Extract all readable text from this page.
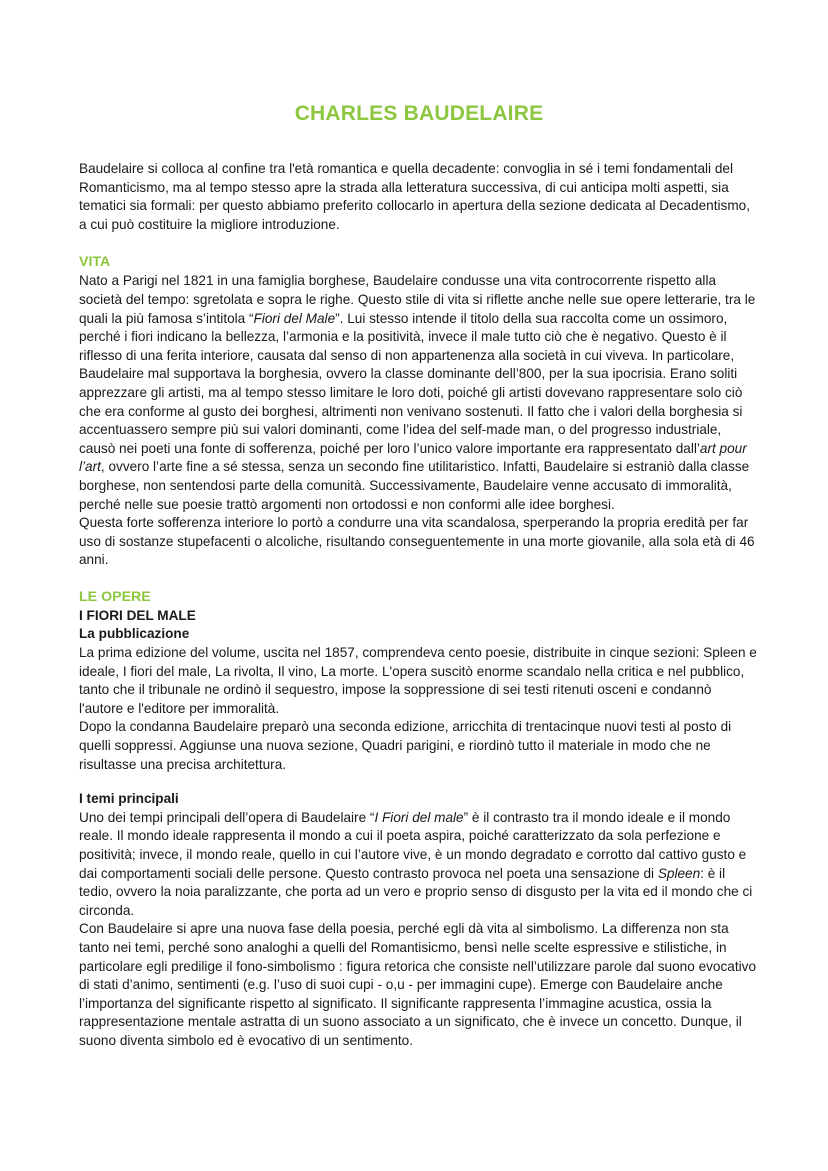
CHARLES BAUDELAIRE

Baudelaire si colloca al confine tra l'età romantica e quella decadente: convoglia in sé i temi fondamentali del Romanticismo, ma al tempo stesso apre la strada alla letteratura successiva, di cui anticipa molti aspetti, sia tematici sia formali: per questo abbiamo preferito collocarlo in apertura della sezione dedicata al Decadentismo, a cui può costituire la migliore introduzione.

VITA

Nato a Parigi nel 1821 in una famiglia borghese, Baudelaire condusse una vita controcorrente rispetto alla società del tempo: sgretolata e sopra le righe. Questo stile di vita si riflette anche nelle sue opere letterarie, tra le quali la più famosa s’intitola “Fiori del Male”. Lui stesso intende il titolo della sua raccolta come un ossimoro, perché i fiori indicano la bellezza, l’armonia e la positività, invece il male tutto ciò che è negativo. Questo è il riflesso di una ferita interiore, causata dal senso di non appartenenza alla società in cui viveva. In particolare, Baudelaire mal supportava la borghesia, ovvero la classe dominante dell’800, per la sua ipocrisia. Erano soliti apprezzare gli artisti, ma al tempo stesso limitare le loro doti, poiché gli artisti dovevano rappresentare solo ciò che era conforme al gusto dei borghesi, altrimenti non venivano sostenuti. Il fatto che i valori della borghesia si accentuassero sempre più sui valori dominanti, come l’idea del self-made man, o del progresso industriale, causò nei poeti una fonte di sofferenza, poiché per loro l’unico valore importante era rappresentato dall’art pour l’art, ovvero l’arte fine a sé stessa, senza un secondo fine utilitaristico. Infatti, Baudelaire si estraniò dalla classe borghese, non sentendosi parte della comunità. Successivamente, Baudelaire venne accusato di immoralità, perché nelle sue poesie trattò argomenti non ortodossi e non conformi alle idee borghesi.

Questa forte sofferenza interiore lo portò a condurre una vita scandalosa, sperperando la propria eredità per far uso di sostanze stupefacenti o alcoliche, risultando conseguentemente in una morte giovanile, alla sola età di 46 anni.

LE OPERE
I FIORI DEL MALE
La pubblicazione

La prima edizione del volume, uscita nel 1857, comprendeva cento poesie, distribuite in cinque sezioni: Spleen e ideale, I fiori del male, La rivolta, Il vino, La morte. L'opera suscitò enorme scandalo nella critica e nel pubblico, tanto che il tribunale ne ordinò il sequestro, impose la soppressione di sei testi ritenuti osceni e condannò l'autore e l'editore per immoralità.

Dopo la condanna Baudelaire preparò una seconda edizione, arricchita di trentacinque nuovi testi al posto di quelli soppressi. Aggiunse una nuova sezione, Quadri parigini, e riordinò tutto il materiale in modo che ne risultasse una precisa architettura.

I temi principali

Uno dei tempi principali dell’opera di Baudelaire “I Fiori del male” è il contrasto tra il mondo ideale e il mondo reale. Il mondo ideale rappresenta il mondo a cui il poeta aspira, poiché caratterizzato da sola perfezione e positività; invece, il mondo reale, quello in cui l’autore vive, è un mondo degradato e corrotto dal cattivo gusto e dai comportamenti sociali delle persone. Questo contrasto provoca nel poeta una sensazione di Spleen: è il tedio, ovvero la noia paralizzante, che porta ad un vero e proprio senso di disgusto per la vita ed il mondo che ci circonda.

Con Baudelaire si apre una nuova fase della poesia, perché egli dà vita al simbolismo. La differenza non sta tanto nei temi, perché sono analoghi a quelli del Romantisicmo, bensì nelle scelte espressive e stilistiche, in particolare egli predilige il fono-simbolismo : figura retorica che consiste nell’utilizzare parole dal suono evocativo di stati d’animo, sentimenti (e.g. l’uso di suoi cupi - o,u - per immagini cupe). Emerge con Baudelaire anche l’importanza del significante rispetto al significato. Il significante rappresenta l’immagine acustica, ossia la rappresentazione mentale astratta di un suono associato a un significato, che è invece un concetto. Dunque, il suono diventa simbolo ed è evocativo di un sentimento.
